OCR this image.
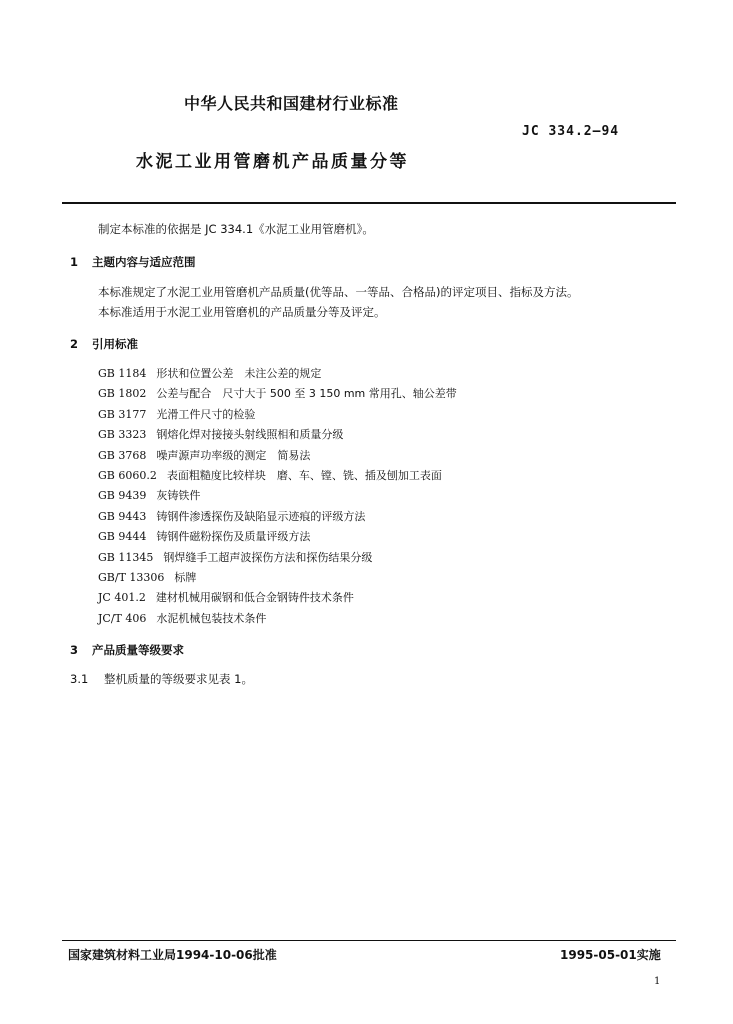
中华人民共和国建材行业标准
JC 334.2—94
水泥工业用管磨机产品质量分等
制定本标准的依据是 JC 334.1《水泥工业用管磨机》。
1 主题内容与适应范围
本标准规定了水泥工业用管磨机产品质量(优等品、一等品、合格品)的评定项目、指标及方法。
本标准适用于水泥工业用管磨机的产品质量分等及评定。
2 引用标准
GB 1184 形状和位置公差　未注公差的规定
GB 1802 公差与配合　尺寸大于 500 至 3 150 mm 常用孔、轴公差带
GB 3177 光滑工件尺寸的检验
GB 3323 钢熔化焊对接接头射线照相和质量分级
GB 3768 噪声源声功率级的测定　简易法
GB 6060.2 表面粗糙度比较样块　磨、车、镗、铣、插及刨加工表面
GB 9439 灰铸铁件
GB 9443 铸钢件渗透探伤及缺陷显示迹痕的评级方法
GB 9444 铸钢件磁粉探伤及质量评级方法
GB 11345 钢焊缝手工超声波探伤方法和探伤结果分级
GB/T 13306 标牌
JC 401.2 建材机械用碳钢和低合金钢铸件技术条件
JC/T 406 水泥机械包装技术条件
3 产品质量等级要求
3.1 整机质量的等级要求见表 1。
国家建筑材料工业局1994-10-06批准	1995-05-01实施
1
